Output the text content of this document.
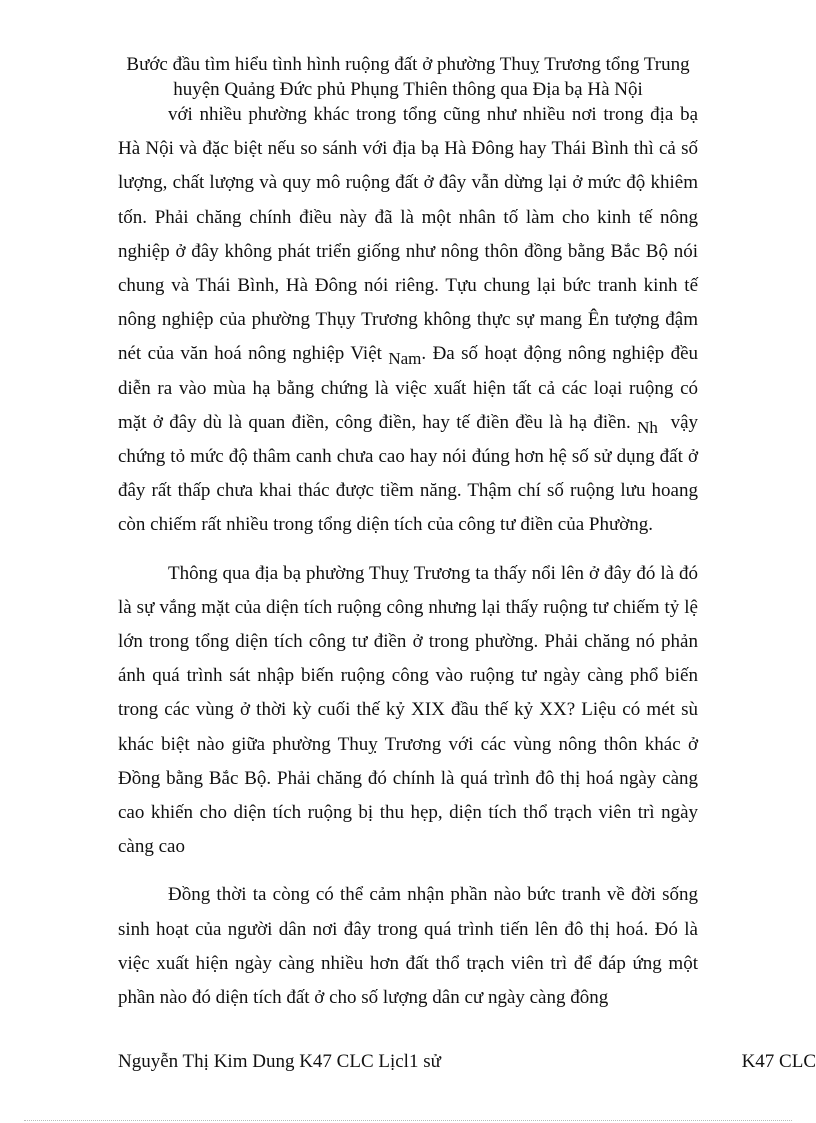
Bước đầu tìm hiểu tình hình ruộng đất ở phường Thuỵ Trương tổng Trung
huyện Quảng Đức phủ Phụng Thiên thông qua Địa bạ Hà Nội

với nhiều phường khác trong tổng cũng như nhiều nơi trong địa bạ Hà Nội và đặc biệt nếu so sánh với địa bạ Hà Đông hay Thái Bình thì cả số lượng, chất lượng và quy mô ruộng đất ở đây vẫn dừng lại ở mức độ khiêm tốn. Phải chăng chính điều này đã là một nhân tố làm cho kinh tế nông nghiệp ở đây không phát triển giống như nông thôn đồng bằng Bắc Bộ nói chung và Thái Bình, Hà Đông nói riêng. Tựu chung lại bức tranh kinh tế nông nghiệp của phường Thụy Trương không thực sự mang Ên tượng đậm nét của văn hoá nông nghiệp Việt Nam. Đa số hoạt động nông nghiệp đều diễn ra vào mùa hạ bằng chứng là việc xuất hiện tất cả các loại ruộng có mặt ở đây dù là quan điền, công điền, hay tế điền đều là hạ điền. Nh vậy chứng tỏ mức độ thâm canh chưa cao hay nói đúng hơn hệ số sử dụng đất ở đây rất thấp chưa khai thác được tiềm năng. Thậm chí số ruộng lưu hoang còn chiếm rất nhiều trong tổng diện tích của công tư điền của Phường.

Thông qua địa bạ phường Thuỵ Trương ta thấy nổi lên ở đây đó là đó là sự vắng mặt của diện tích ruộng công nhưng lại thấy ruộng tư chiếm tỷ lệ lớn trong tổng diện tích công tư điền ở trong phường. Phải chăng nó phản ánh quá trình sát nhập biến ruộng công vào ruộng tư ngày càng phổ biến trong các vùng ở thời kỳ cuối thế kỷ XIX đầu thế kỷ XX? Liệu có mét sù khác biệt nào giữa phường Thuỵ Trương với các vùng nông thôn khác ở Đồng bằng Bắc Bộ. Phải chăng đó chính là quá trình đô thị hoá ngày càng cao khiến cho diện tích ruộng bị thu hẹp, diện tích thổ trạch viên trì ngày càng cao

Đồng thời ta còng có thể cảm nhận phần nào bức tranh về đời sống sinh hoạt của người dân nơi đây trong quá trình tiến lên đô thị hoá. Đó là việc xuất hiện ngày càng nhiều hơn đất thổ trạch viên trì để đáp ứng một phần nào đó diện tích đất ở cho số lượng dân cư ngày càng đông

Nguyễn Thị Kim Dung K47 CLC Lịcl1 sử	K47 CLC
